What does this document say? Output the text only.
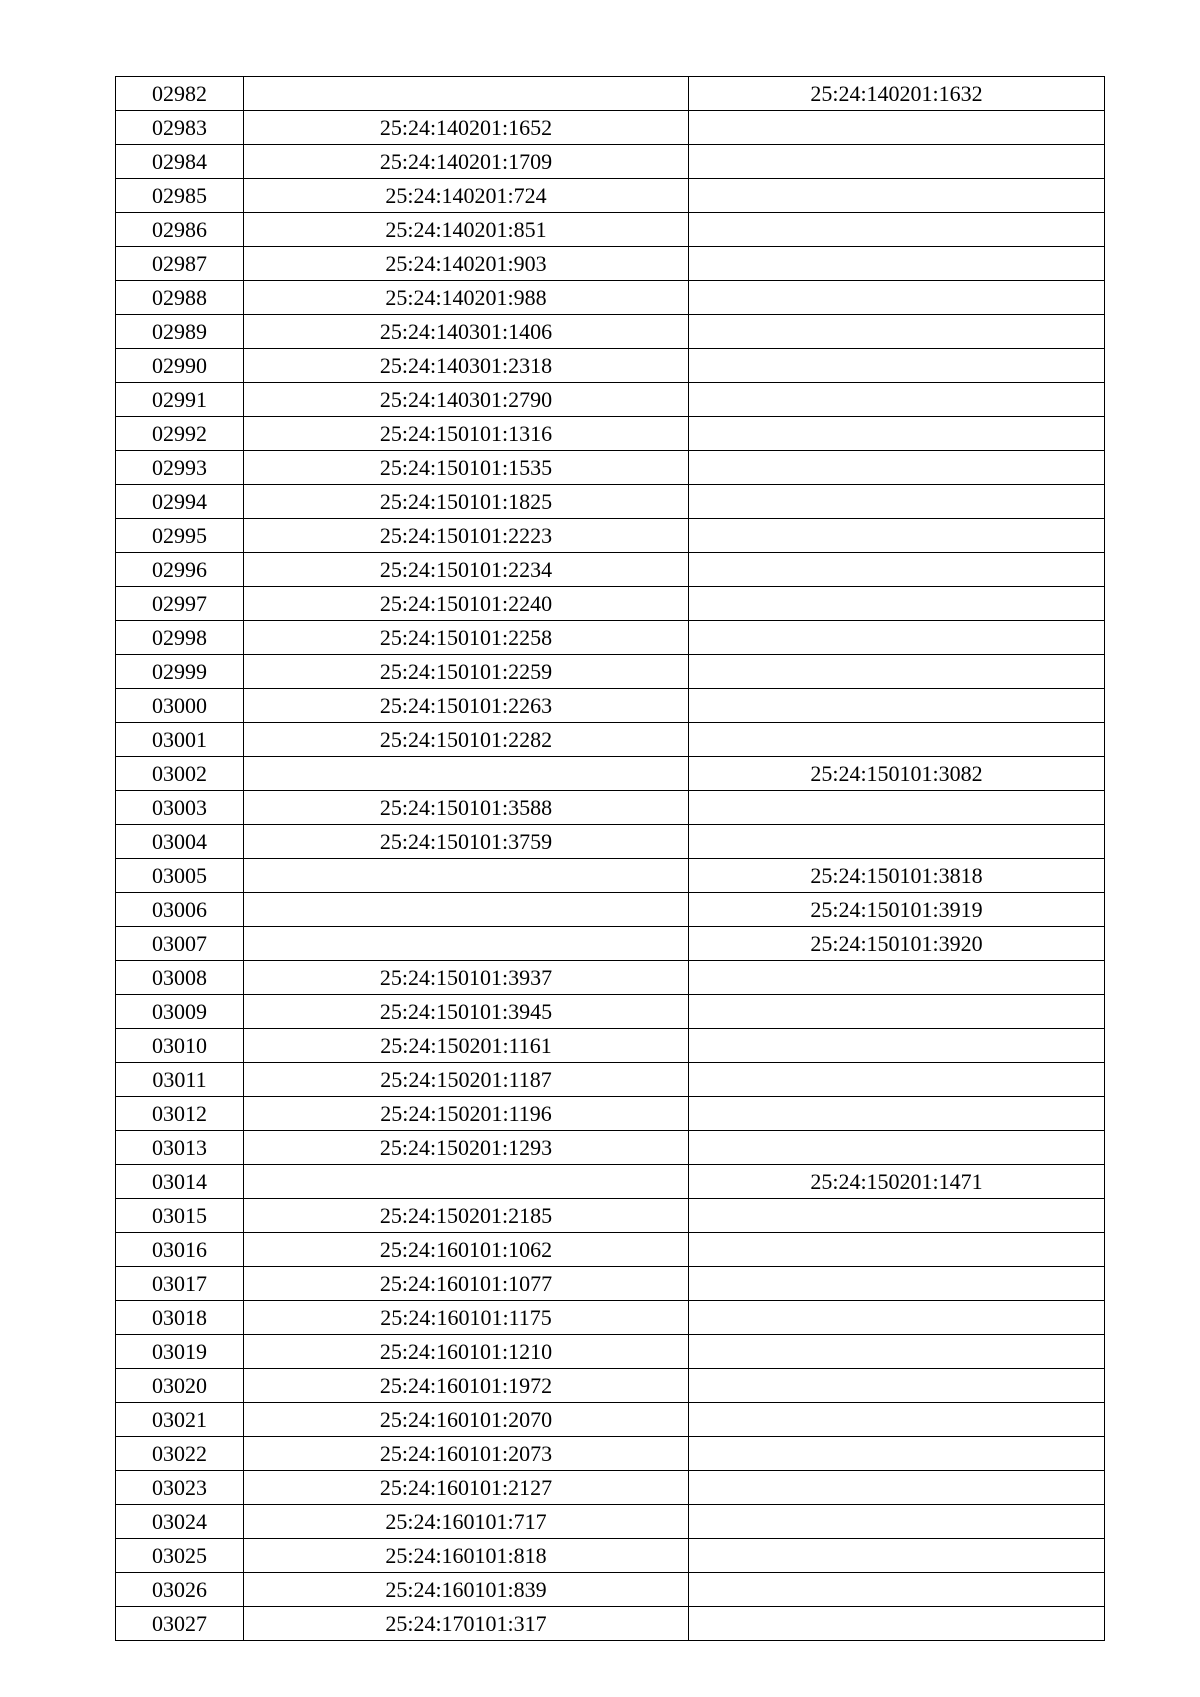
02982		25:24:140201:1632
02983	25:24:140201:1652	
02984	25:24:140201:1709	
02985	25:24:140201:724	
02986	25:24:140201:851	
02987	25:24:140201:903	
02988	25:24:140201:988	
02989	25:24:140301:1406	
02990	25:24:140301:2318	
02991	25:24:140301:2790	
02992	25:24:150101:1316	
02993	25:24:150101:1535	
02994	25:24:150101:1825	
02995	25:24:150101:2223	
02996	25:24:150101:2234	
02997	25:24:150101:2240	
02998	25:24:150101:2258	
02999	25:24:150101:2259	
03000	25:24:150101:2263	
03001	25:24:150101:2282	
03002		25:24:150101:3082
03003	25:24:150101:3588	
03004	25:24:150101:3759	
03005		25:24:150101:3818
03006		25:24:150101:3919
03007		25:24:150101:3920
03008	25:24:150101:3937	
03009	25:24:150101:3945	
03010	25:24:150201:1161	
03011	25:24:150201:1187	
03012	25:24:150201:1196	
03013	25:24:150201:1293	
03014		25:24:150201:1471
03015	25:24:150201:2185	
03016	25:24:160101:1062	
03017	25:24:160101:1077	
03018	25:24:160101:1175	
03019	25:24:160101:1210	
03020	25:24:160101:1972	
03021	25:24:160101:2070	
03022	25:24:160101:2073	
03023	25:24:160101:2127	
03024	25:24:160101:717	
03025	25:24:160101:818	
03026	25:24:160101:839	
03027	25:24:170101:317	
